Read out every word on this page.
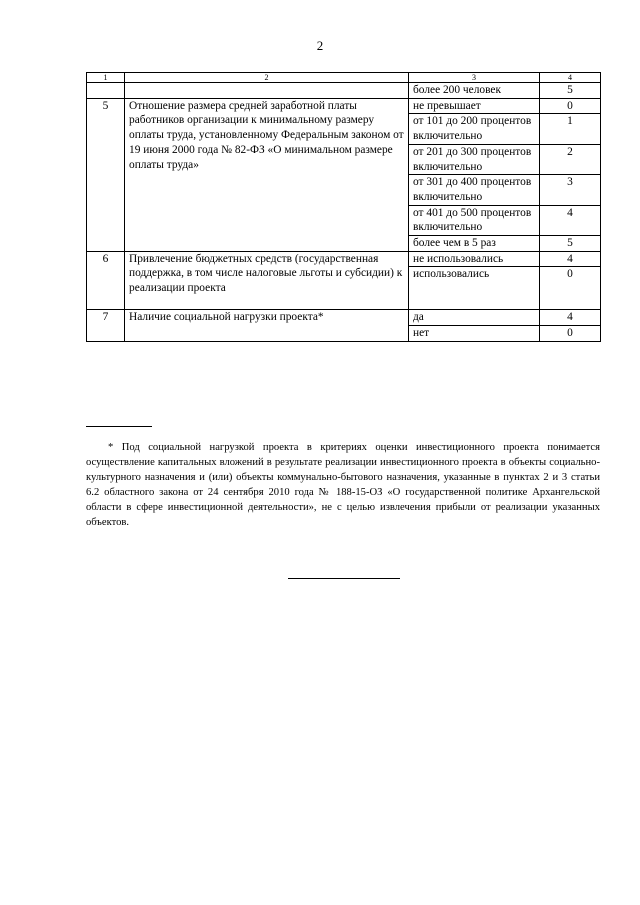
2
1	2	3	4
		более 200 человек	5
5	Отношение размера средней заработной платы работников организации к минимальному размеру оплаты труда, установленному Федеральным законом от 19 июня 2000 года № 82-ФЗ «О минимальном размере оплаты труда»	не превышает	0
		от 101 до 200 процентов включительно	1
		от 201 до 300 процентов включительно	2
		от 301 до 400 процентов включительно	3
		от 401 до 500 процентов включительно	4
		более чем в 5 раз	5
6	Привлечение бюджетных средств (государственная поддержка, в том числе налоговые льготы и субсидии) к реализации проекта	не использовались	4
		использовались	0
7	Наличие социальной нагрузки проекта*	да	4
		нет	0
* Под социальной нагрузкой проекта в критериях оценки инвестиционного проекта понимается осуществление капитальных вложений в результате реализации инвестиционного проекта в объекты социально-культурного назначения и (или) объекты коммунально-бытового назначения, указанные в пунктах 2 и 3 статьи 6.2 областного закона от 24 сентября 2010 года № 188-15-ОЗ «О государственной политике Архангельской области в сфере инвестиционной деятельности», не с целью извлечения прибыли от реализации указанных объектов.
